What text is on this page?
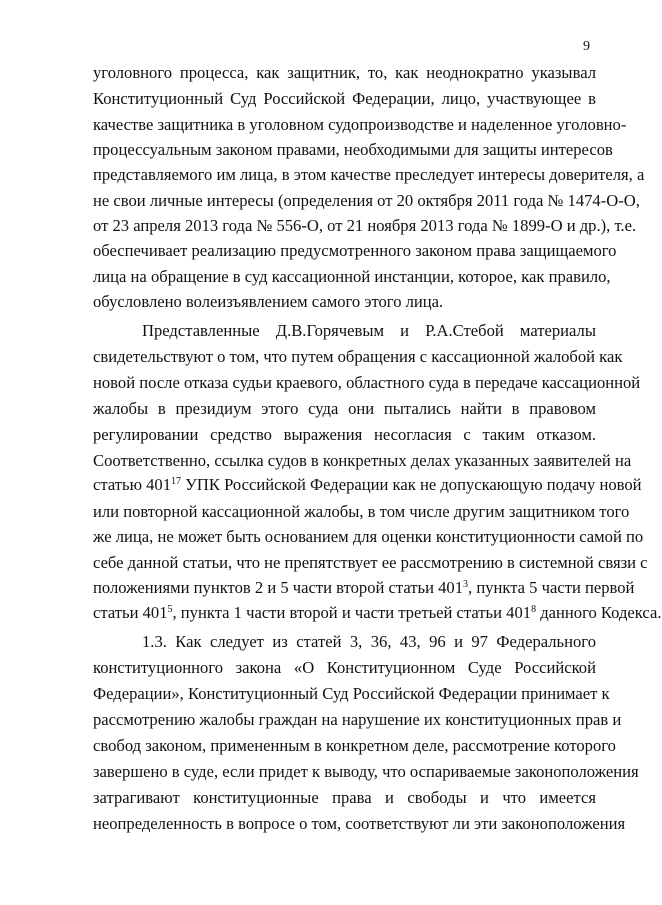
9
уголовного процесса, как защитник, то, как неоднократно указывал
Конституционный Суд Российской Федерации, лицо, участвующее в
качестве защитника в уголовном судопроизводстве и наделенное уголовно-
процессуальным законом правами, необходимыми для защиты интересов
представляемого им лица, в этом качестве преследует интересы доверителя, а
не свои личные интересы (определения от 20 октября 2011 года № 1474-О-О,
от 23 апреля 2013 года № 556-О, от 21 ноября 2013 года № 1899-О и др.), т.е.
обеспечивает реализацию предусмотренного законом права защищаемого
лица на обращение в суд кассационной инстанции, которое, как правило,
обусловлено волеизъявлением самого этого лица.
Представленные Д.В.Горячевым и Р.А.Стебой материалы
свидетельствуют о том, что путем обращения с кассационной жалобой как
новой после отказа судьи краевого, областного суда в передаче кассационной
жалобы в президиум этого суда они пытались найти в правовом
регулировании средство выражения несогласия с таким отказом.
Соответственно, ссылка судов в конкретных делах указанных заявителей на
статью $401^{17}$ УПК Российской Федерации как не допускающую подачу новой
или повторной кассационной жалобы, в том числе другим защитником того
же лица, не может быть основанием для оценки конституционности самой по
себе данной статьи, что не препятствует ее рассмотрению в системной связи с
положениями пунктов 2 и 5 части второй статьи $401^3$, пункта 5 части первой
статьи $401^5$, пункта 1 части второй и части третьей статьи $401^8$ данного Кодекса.
1.3. Как следует из статей 3, 36, 43, 96 и 97 Федерального
конституционного закона «О Конституционном Суде Российской
Федерации», Конституционный Суд Российской Федерации принимает к
рассмотрению жалобы граждан на нарушение их конституционных прав и
свобод законом, примененным в конкретном деле, рассмотрение которого
завершено в суде, если придет к выводу, что оспариваемые законоположения
затрагивают конституционные права и свободы и что имеется
неопределенность в вопросе о том, соответствуют ли эти законоположения
